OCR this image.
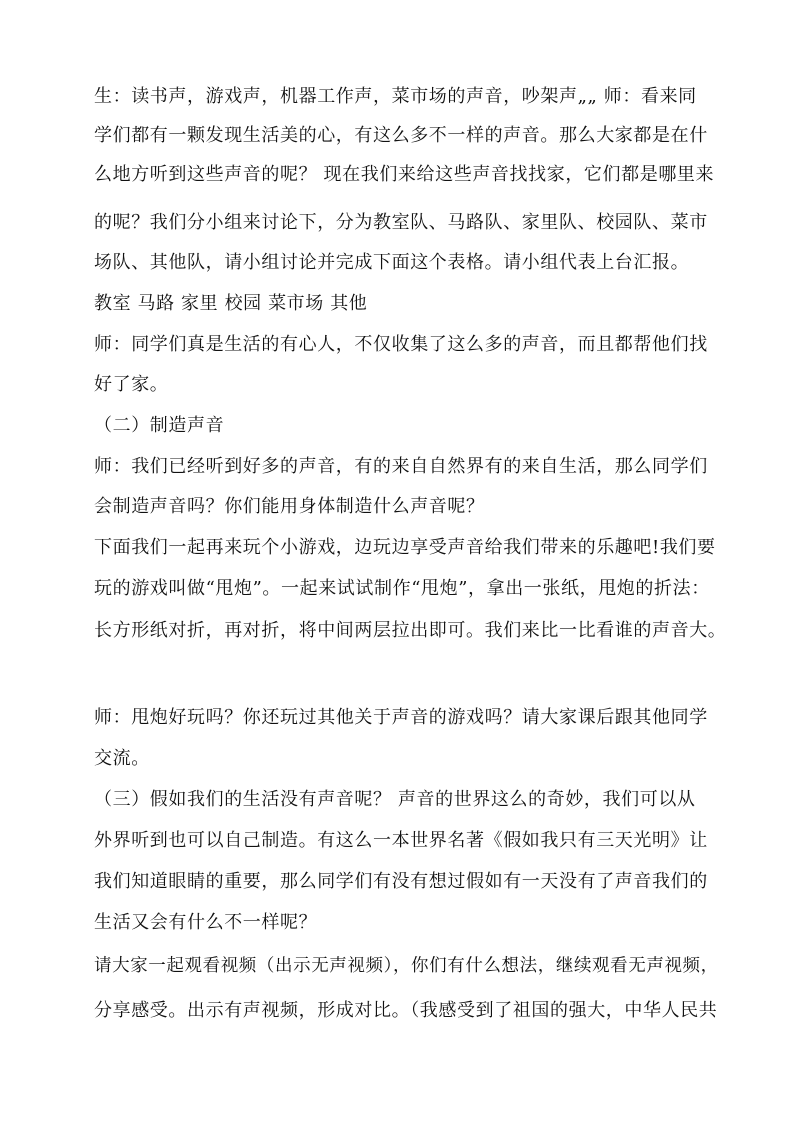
生：读书声，游戏声，机器工作声，菜市场的声音，吵架声„„ 师：看来同
学们都有一颗发现生活美的心，有这么多不一样的声音。那么大家都是在什
么地方听到这些声音的呢？ 现在我们来给这些声音找找家，它们都是哪里来
的呢？我们分小组来讨论下，分为教室队、马路队、家里队、校园队、菜市
场队、其他队，请小组讨论并完成下面这个表格。请小组代表上台汇报。
教室 马路 家里 校园 菜市场 其他
师：同学们真是生活的有心人，不仅收集了这么多的声音，而且都帮他们找
好了家。
（二）制造声音
师：我们已经听到好多的声音，有的来自自然界有的来自生活，那么同学们
会制造声音吗？你们能用身体制造什么声音呢？
下面我们一起再来玩个小游戏，边玩边享受声音给我们带来的乐趣吧!我们要
玩的游戏叫做“甩炮”。一起来试试制作“甩炮”，拿出一张纸，甩炮的折法：
长方形纸对折，再对折，将中间两层拉出即可。我们来比一比看谁的声音大。
师：甩炮好玩吗？你还玩过其他关于声音的游戏吗？请大家课后跟其他同学
交流。
（三）假如我们的生活没有声音呢？ 声音的世界这么的奇妙，我们可以从
外界听到也可以自己制造。有这么一本世界名著《假如我只有三天光明》让
我们知道眼睛的重要，那么同学们有没有想过假如有一天没有了声音我们的
生活又会有什么不一样呢？
请大家一起观看视频（出示无声视频），你们有什么想法，继续观看无声视频，
分享感受。出示有声视频，形成对比。（我感受到了祖国的强大，中华人民共
